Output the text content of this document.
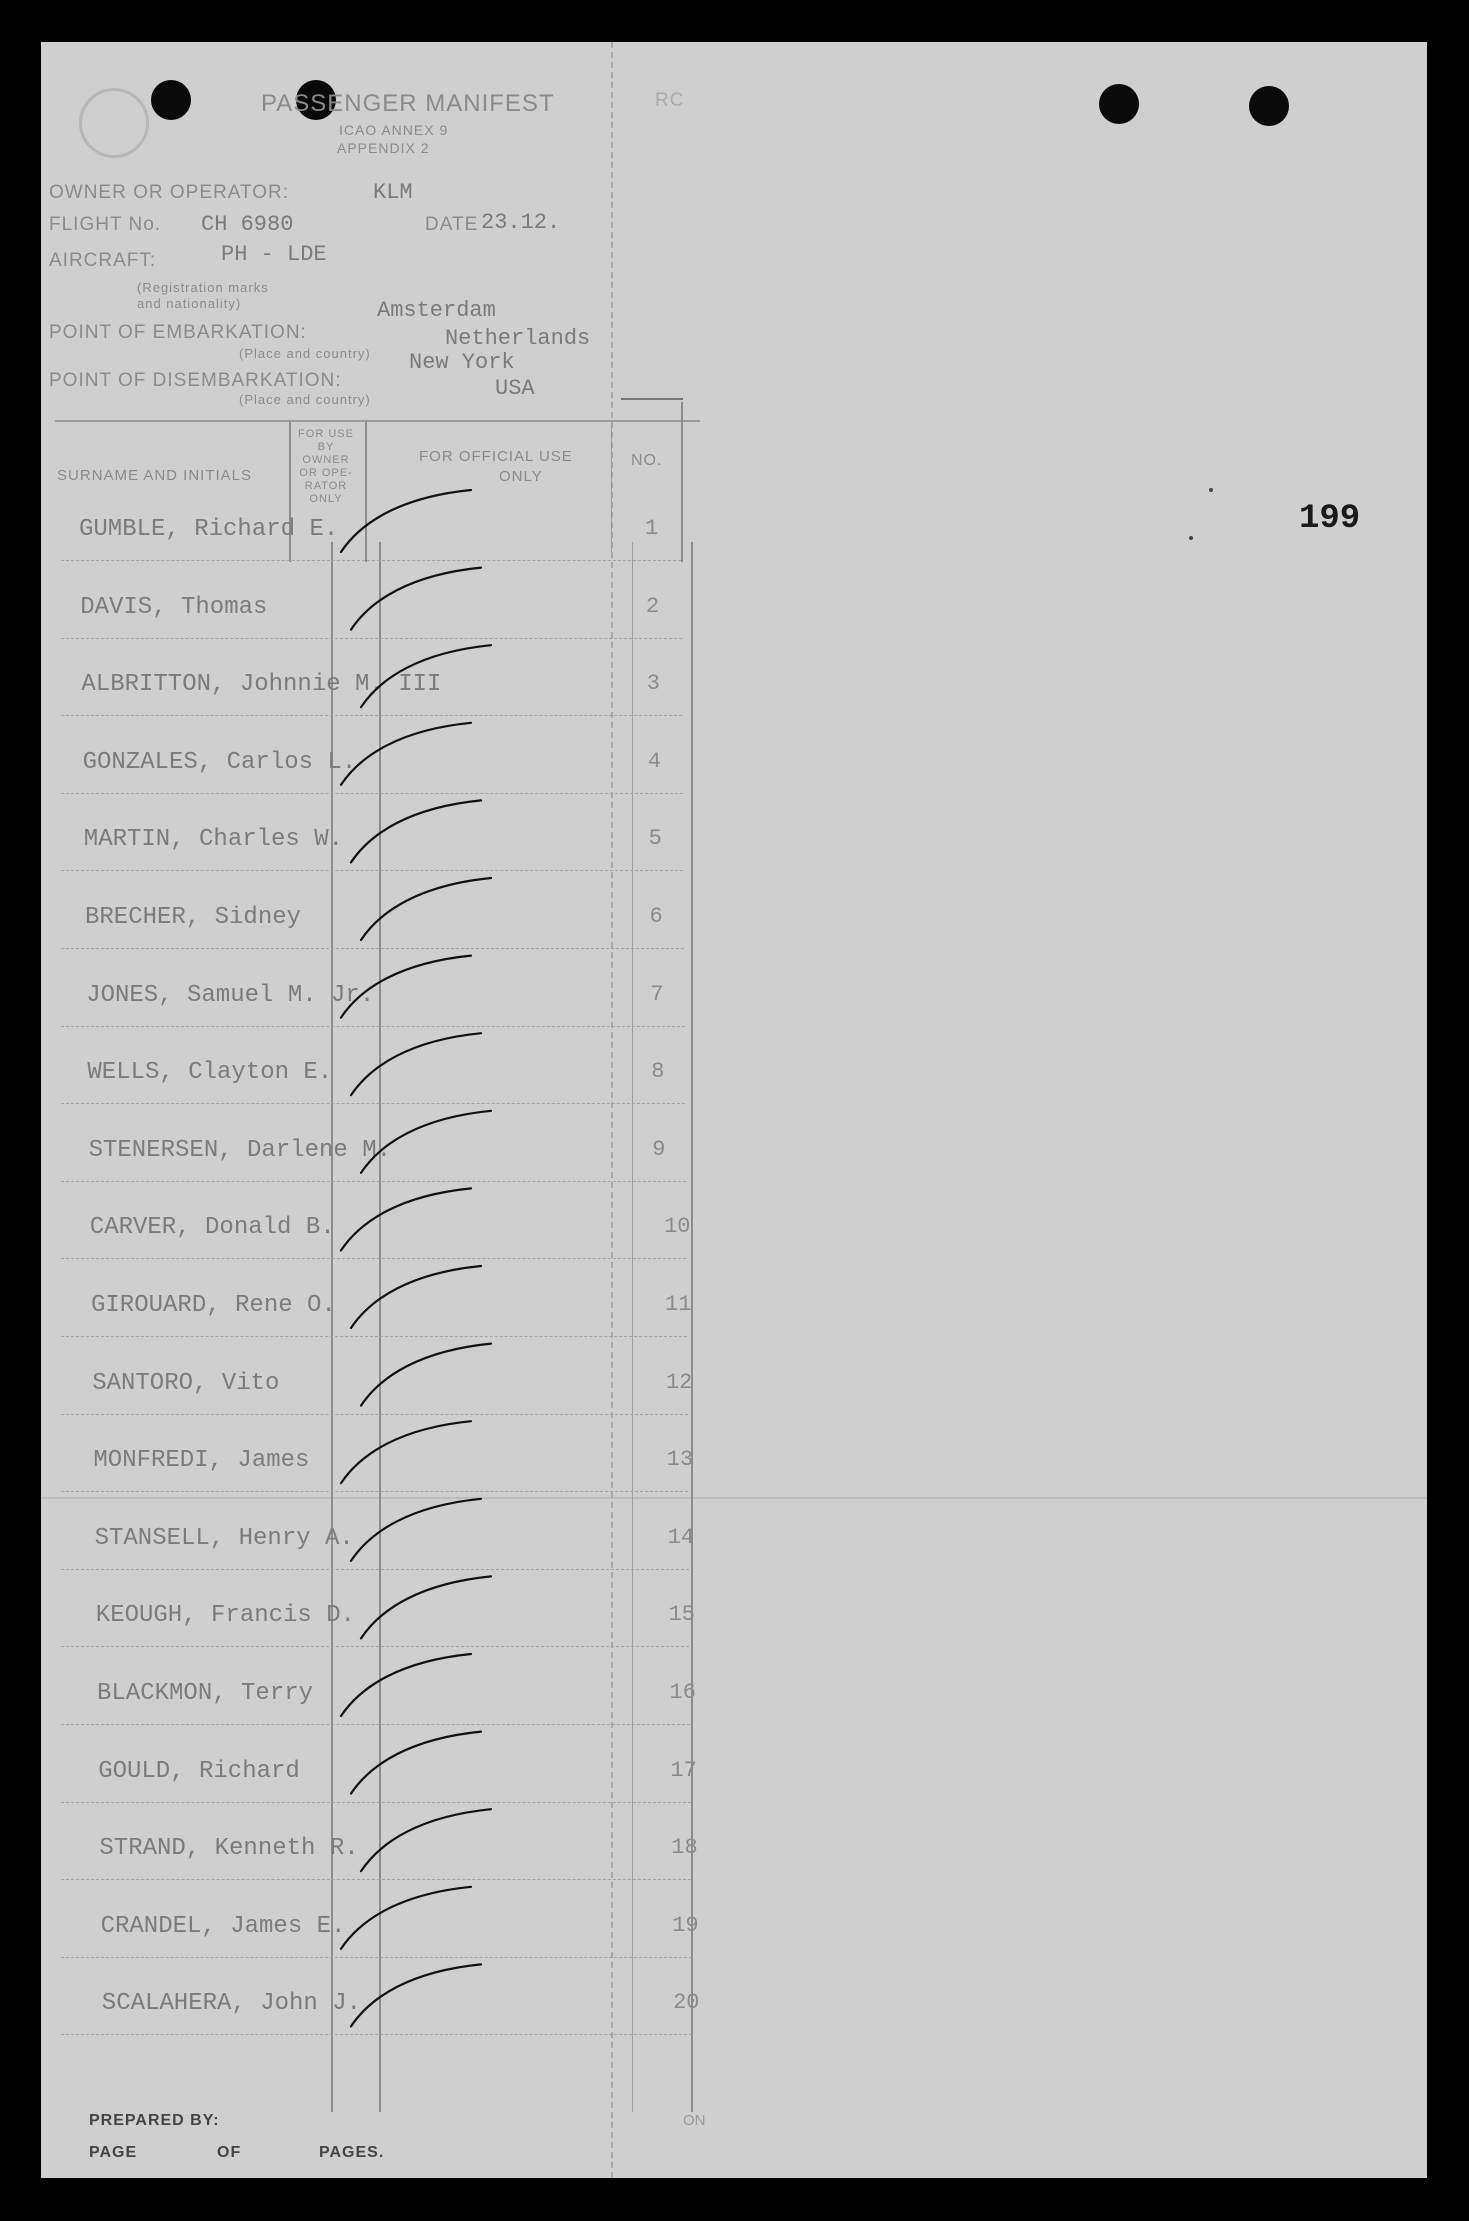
PASSENGER MANIFEST
ICAO ANNEX 9
APPENDIX 2
RC
OWNER OR OPERATOR:	KLM
FLIGHT No. CH 6980	DATE 23.12.
AIRCRAFT:	PH - LDE
(Registration marks
and nationality)
POINT OF EMBARKATION:
Amsterdam
Netherlands
(Place and country)
POINT OF DISEMBARKATION:
New York
USA
(Place and country)
SURNAME AND INITIALS
FOR USE
BY
OWNER
OR OPE-
RATOR
ONLY
FOR OFFICIAL USE
ONLY
NO.
GUMBLE, Richard E.	1
DAVIS, Thomas	2
ALBRITTON, Johnnie M. III	3
GONZALES, Carlos L.	4
MARTIN, Charles W.	5
BRECHER, Sidney	6
JONES, Samuel M. Jr.	7
WELLS, Clayton E.	8
STENERSEN, Darlene M.	9
CARVER, Donald B.	10
GIROUARD, Rene O.	11
SANTORO, Vito	12
MONFREDI, James	13
STANSELL, Henry A.	14
KEOUGH, Francis D.	15
BLACKMON, Terry	16
GOULD, Richard	17
STRAND, Kenneth R.	18
CRANDEL, James E.	19
SCALAHERA, John J.	20
199
PREPARED BY:
PAGE	OF	PAGES.
ON
